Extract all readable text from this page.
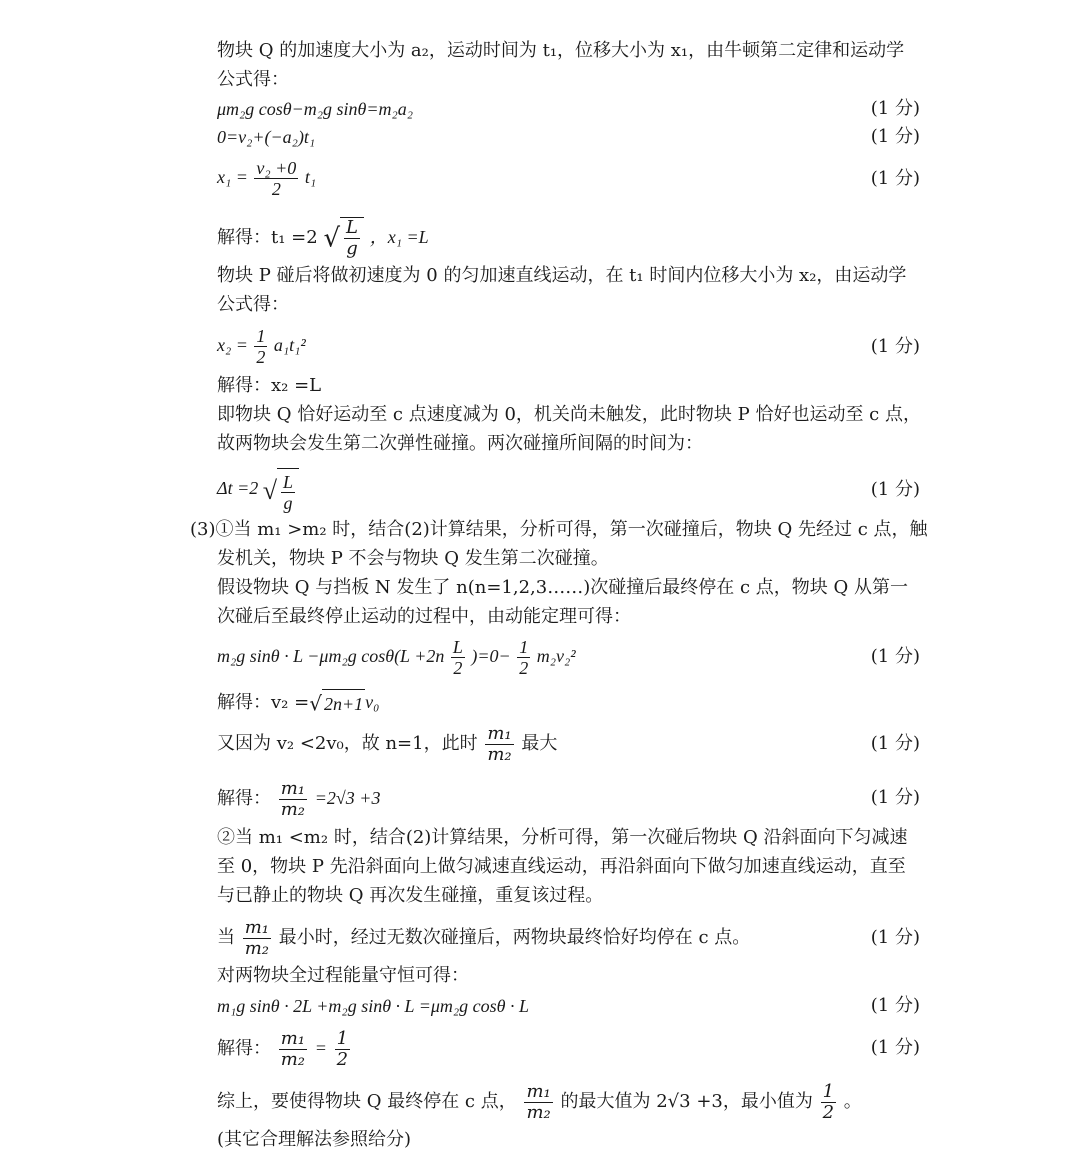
物块 Q 的加速度大小为 a₂，运动时间为 t₁，位移大小为 x₁，由牛顿第二定律和运动学
公式得：
μm₂g cosθ−m₂g sinθ=m₂a₂	(1 分)
0=v₂+(−a₂)t₁	(1 分)
$x_1 = \frac{\text{v₂ +0}}{2} t_1$	(1 分)
解得：t₁ =2 √ $\frac{L}{g}$ ，x₁ =L
物块 P 碰后将做初速度为 0 的匀加速直线运动，在 t₁ 时间内位移大小为 x₂，由运动学
公式得：
$x_2 = \frac{1}{2} a_1t_1^2$	(1 分)
解得：x₂ =L
即物块 Q 恰好运动至 c 点速度减为 0，机关尚未触发，此时物块 P 恰好也运动至 c 点，
故两物块会发生第二次弹性碰撞。两次碰撞所间隔的时间为：
Δt =2 √ $\frac{L}{g}$	(1 分)
(3)①当 m₁ >m₂ 时，结合(2)计算结果，分析可得，第一次碰撞后，物块 Q 先经过 c 点，触
发机关，物块 P 不会与物块 Q 发生第二次碰撞。
假设物块 Q 与挡板 N 发生了 n(n=1,2,3……)次碰撞后最终停在 c 点，物块 Q 从第一
次碰后至最终停止运动的过程中，由动能定理可得：
m₂g sinθ · L −μm₂g $\cos\theta(L +2n \frac{L}{2} )=0- \frac{1}{2} m_2v_2^2$	(1 分)
解得：v₂ =√ 2n+1 v₀
又因为 v₂ <2v₀，故 n=1，此时 $\frac{\text{m₁}}{\text{m₂}}$ 最大	(1 分)
解得： $\frac{\text{m₁}}{\text{m₂}} =2√3 +3$	(1 分)
②当 m₁ <m₂ 时，结合(2)计算结果，分析可得，第一次碰后物块 Q 沿斜面向下匀减速
至 0，物块 P 先沿斜面向上做匀减速直线运动，再沿斜面向下做匀加速直线运动，直至
与已静止的物块 Q 再次发生碰撞，重复该过程。
当 $\frac{\text{m₁}}{\text{m₂}}$ 最小时，经过无数次碰撞后，两物块最终恰好均停在 c 点。	(1 分)
对两物块全过程能量守恒可得：
m₁g sinθ · 2L +m₂g sinθ · L =μm₂g cosθ · L	(1 分)
解得： $\frac{\text{m₁}}{\text{m₂}} = \frac{1}{2}$	(1 分)
综上，要使得物块 Q 最终停在 c 点， $\frac{\text{m₁}}{\text{m₂}}$ 的最大值为 2√3 +3，最小值为 $\frac{1}{2}$ 。
(其它合理解法参照给分)
